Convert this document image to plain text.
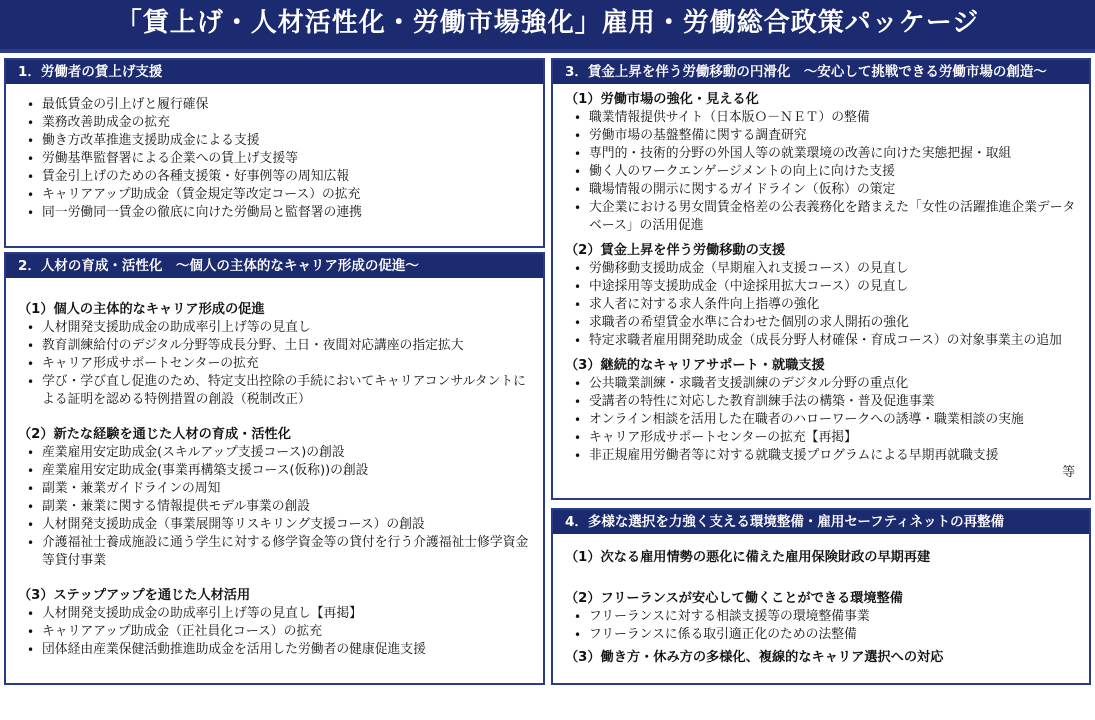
「賃上げ・人材活性化・労働市場強化」雇用・労働総合政策パッケージ
1．労働者の賃上げ支援
• 最低賃金の引上げと履行確保
• 業務改善助成金の拡充
• 働き方改革推進支援助成金による支援
• 労働基準監督署による企業への賃上げ支援等
• 賃金引上げのための各種支援策・好事例等の周知広報
• キャリアアップ助成金（賃金規定等改定コース）の拡充
• 同一労働同一賃金の徹底に向けた労働局と監督署の連携
2．人材の育成・活性化　～個人の主体的なキャリア形成の促進～
（1）個人の主体的なキャリア形成の促進
• 人材開発支援助成金の助成率引上げ等の見直し
• 教育訓練給付のデジタル分野等成長分野、土日・夜間対応講座の指定拡大
• キャリア形成サポートセンターの拡充
• 学び・学び直し促進のため、特定支出控除の手続においてキャリアコンサルタントによる証明を認める特例措置の創設（税制改正）
（2）新たな経験を通じた人材の育成・活性化
• 産業雇用安定助成金(スキルアップ支援コース)の創設
• 産業雇用安定助成金(事業再構築支援コース(仮称))の創設
• 副業・兼業ガイドラインの周知
• 副業・兼業に関する情報提供モデル事業の創設
• 人材開発支援助成金（事業展開等リスキリング支援コース）の創設
• 介護福祉士養成施設に通う学生に対する修学資金等の貸付を行う介護福祉士修学資金等貸付事業
（3）ステップアップを通じた人材活用
• 人材開発支援助成金の助成率引上げ等の見直し【再掲】
• キャリアアップ助成金（正社員化コース）の拡充
• 団体経由産業保健活動推進助成金を活用した労働者の健康促進支援
3．賃金上昇を伴う労働移動の円滑化　～安心して挑戦できる労働市場の創造～
（1）労働市場の強化・見える化
• 職業情報提供サイト（日本版Ｏ－ＮＥＴ）の整備
• 労働市場の基盤整備に関する調査研究
• 専門的・技術的分野の外国人等の就業環境の改善に向けた実態把握・取組
• 働く人のワークエンゲージメントの向上に向けた支援
• 職場情報の開示に関するガイドライン（仮称）の策定
• 大企業における男女間賃金格差の公表義務化を踏まえた「女性の活躍推進企業データベース」の活用促進
（2）賃金上昇を伴う労働移動の支援
• 労働移動支援助成金（早期雇入れ支援コース）の見直し
• 中途採用等支援助成金（中途採用拡大コース）の見直し
• 求人者に対する求人条件向上指導の強化
• 求職者の希望賃金水準に合わせた個別の求人開拓の強化
• 特定求職者雇用開発助成金（成長分野人材確保・育成コース）の対象事業主の追加
（3）継続的なキャリアサポート・就職支援
• 公共職業訓練・求職者支援訓練のデジタル分野の重点化
• 受講者の特性に対応した教育訓練手法の構築・普及促進事業
• オンライン相談を活用した在職者のハローワークへの誘導・職業相談の実施
• キャリア形成サポートセンターの拡充【再掲】
• 非正規雇用労働者等に対する就職支援プログラムによる早期再就職支援
等
4．多様な選択を力強く支える環境整備・雇用セーフティネットの再整備
（1）次なる雇用情勢の悪化に備えた雇用保険財政の早期再建
（2）フリーランスが安心して働くことができる環境整備
• フリーランスに対する相談支援等の環境整備事業
• フリーランスに係る取引適正化のための法整備
（3）働き方・休み方の多様化、複線的なキャリア選択への対応
